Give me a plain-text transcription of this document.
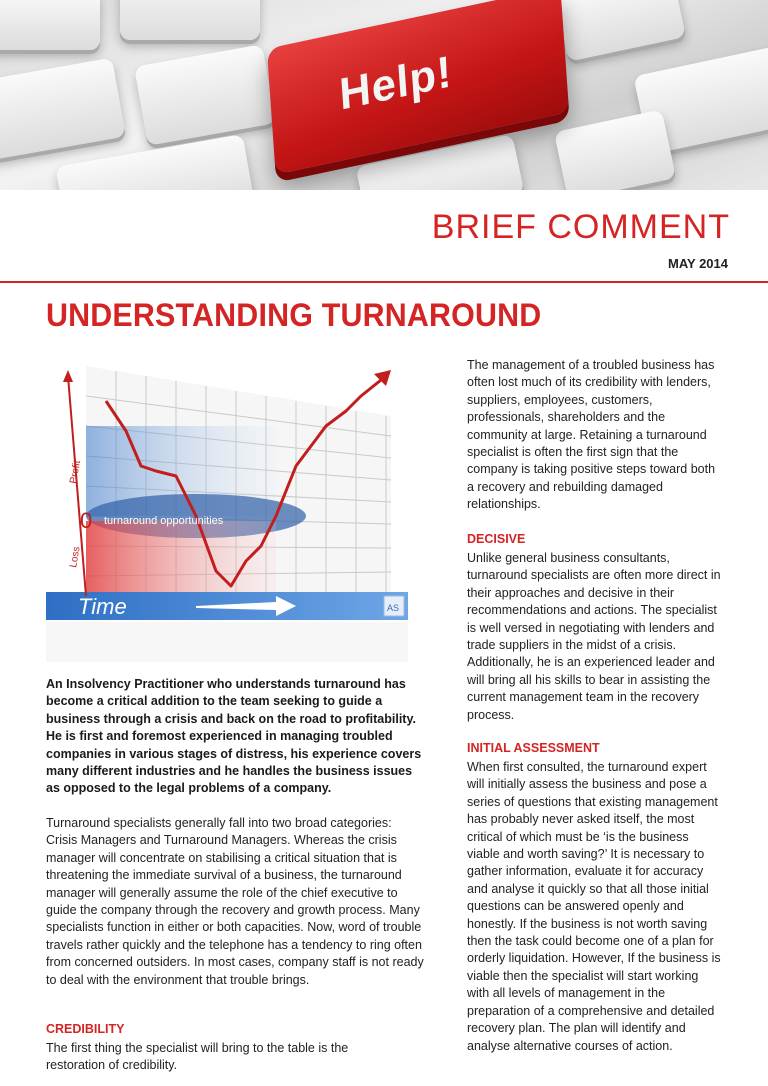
Help!
BRIEF COMMENT
MAY 2014
UNDERSTANDING TURNAROUND
Profit
0
Loss
turnaround opportunities
Time	AS

An Insolvency Practitioner who understands turnaround has become a critical addition to the team seeking to guide a business through a crisis and back on the road to profitability. He is first and foremost experienced in managing troubled companies in various stages of distress, his experience covers many different industries and he handles the business issues as opposed to the legal problems of a company.

Turnaround specialists generally fall into two broad categories: Crisis Managers and Turnaround Managers. Whereas the crisis manager will concentrate on stabilising a critical situation that is threatening the immediate survival of a business, the turnaround manager will generally assume the role of the chief executive to guide the company through the recovery and growth process. Many specialists function in either or both capacities. Now, word of trouble travels rather quickly and the telephone has a tendency to ring often from concerned outsiders. In most cases, company staff is not ready to deal with the environment that trouble brings.

CREDIBILITY

The first thing the specialist will bring to the table is the restoration of credibility.

The management of a troubled business has often lost much of its credibility with lenders, suppliers, employees, customers, professionals, shareholders and the community at large. Retaining a turnaround specialist is often the first sign that the company is taking positive steps toward both a recovery and rebuilding damaged relationships.

DECISIVE

Unlike general business consultants, turnaround specialists are often more direct in their approaches and decisive in their recommendations and actions. The specialist is well versed in negotiating with lenders and trade suppliers in the midst of a crisis. Additionally, he is an experienced leader and will bring all his skills to bear in assisting the current management team in the recovery process.

INITIAL ASSESSMENT

When first consulted, the turnaround expert will initially assess the business and pose a series of questions that existing management has probably never asked itself, the most critical of which must be ‘is the business viable and worth saving?’ It is necessary to gather information, evaluate it for accuracy and analyse it quickly so that all those initial questions can be answered openly and honestly. If the business is not worth saving then the task could become one of a plan for orderly liquidation. However, If the business is viable then the specialist will start working with all levels of management in the preparation of a comprehensive and detailed recovery plan. The plan will identify and analyse alternative courses of action.
